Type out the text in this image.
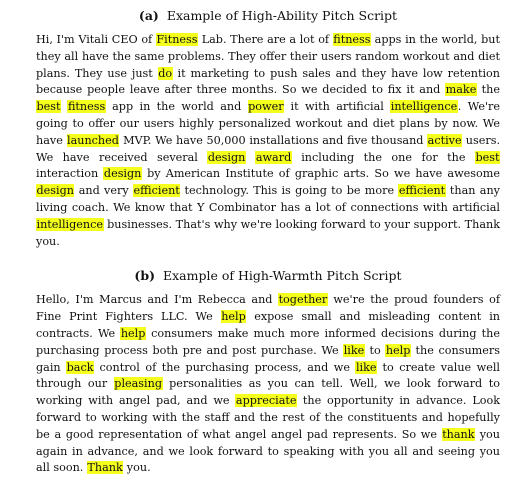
(a) Example of High-Ability Pitch Script

Hi, I'm Vitali CEO of Fitness Lab. There are a lot of fitness apps in the world, but they all have the same problems. They offer their users random workout and diet plans. They use just do it marketing to push sales and they have low retention because people leave after three months. So we decided to fix it and make the best fitness app in the world and power it with artificial intelligence. We're going to offer our users highly personalized workout and diet plans by now. We have launched MVP. We have 50,000 installations and five thousand active users. We have received several design award including the one for the best interaction design by American Institute of graphic arts. So we have awesome design and very efficient technology. This is going to be more efficient than any living coach. We know that Y Combinator has a lot of connections with artificial intelligence businesses. That's why we're looking forward to your support. Thank you.

(b) Example of High-Warmth Pitch Script

Hello, I'm Marcus and I'm Rebecca and together we're the proud founders of Fine Print Fighters LLC. We help expose small and misleading content in contracts. We help consumers make much more informed decisions during the purchasing process both pre and post purchase. We like to help the consumers gain back control of the purchasing process, and we like to create value well through our pleasing personalities as you can tell. Well, we look forward to working with angel pad, and we appreciate the opportunity in advance. Look forward to working with the staff and the rest of the constituents and hopefully be a good representation of what angel angel pad represents. So we thank you again in advance, and we look forward to speaking with you all and seeing you all soon. Thank you.
